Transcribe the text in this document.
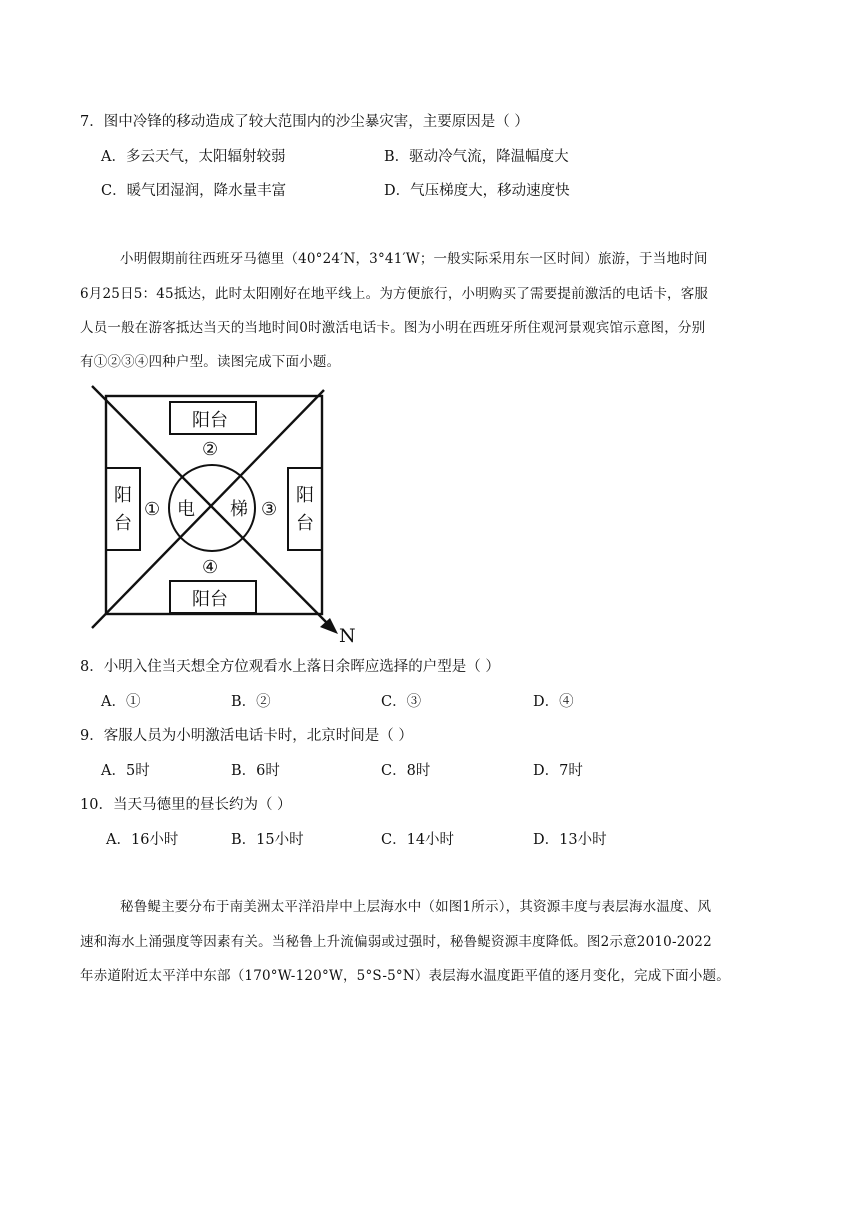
7．图中冷锋的移动造成了较大范围内的沙尘暴灾害，主要原因是（ ）
A．多云天气，太阳辐射较弱	B．驱动冷气流，降温幅度大
C．暖气团湿润，降水量丰富	D．气压梯度大，移动速度快
小明假期前往西班牙马德里（40°24′N，3°41′W；一般实际采用东一区时间）旅游，于当地时间
6月25日5：45抵达，此时太阳刚好在地平线上。为方便旅行，小明购买了需要提前激活的电话卡，客服
人员一般在游客抵达当天的当地时间0时激活电话卡。图为小明在西班牙所住观河景观宾馆示意图，分别
有①②③④四种户型。读图完成下面小题。
阳台
阳台
阳
台
阳
台
②
①	③
④
电 梯
N
8．小明入住当天想全方位观看水上落日余晖应选择的户型是（ ）
A．①	B．②	C．③	D．④
9．客服人员为小明激活电话卡时，北京时间是（ ）
A．5时	B．6时	C．8时	D．7时
10．当天马德里的昼长约为（ ）
A．16小时	B．15小时	C．14小时	D．13小时
秘鲁鳀主要分布于南美洲太平洋沿岸中上层海水中（如图1所示），其资源丰度与表层海水温度、风
速和海水上涌强度等因素有关。当秘鲁上升流偏弱或过强时，秘鲁鳀资源丰度降低。图2示意2010-2022
年赤道附近太平洋中东部（170°W-120°W，5°S-5°N）表层海水温度距平值的逐月变化，完成下面小题。
